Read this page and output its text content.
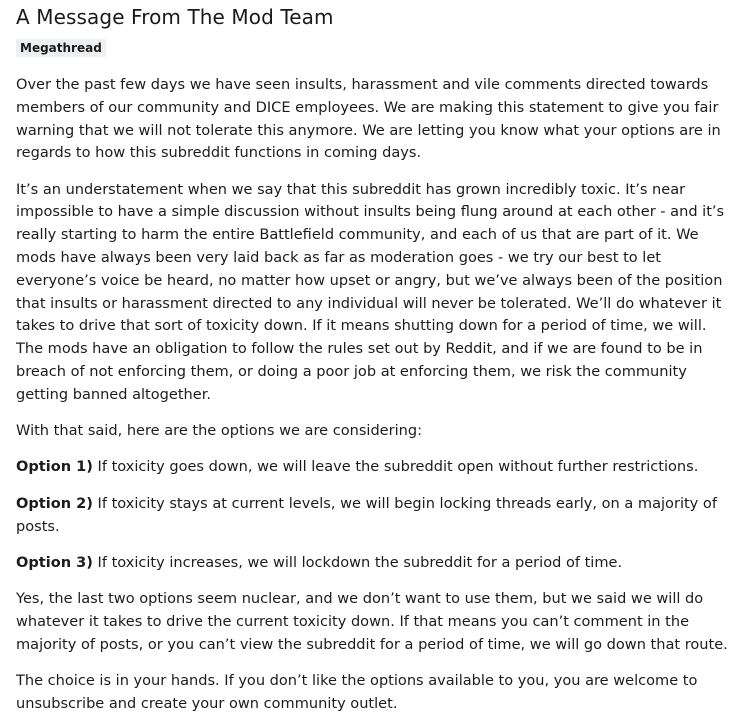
A Message From The Mod Team
Megathread

Over the past few days we have seen insults, harassment and vile comments directed towards members of our community and DICE employees. We are making this statement to give you fair warning that we will not tolerate this anymore. We are letting you know what your options are in regards to how this subreddit functions in coming days.

It’s an understatement when we say that this subreddit has grown incredibly toxic. It’s near impossible to have a simple discussion without insults being flung around at each other - and it’s really starting to harm the entire Battlefield community, and each of us that are part of it. We mods have always been very laid back as far as moderation goes - we try our best to let everyone’s voice be heard, no matter how upset or angry, but we’ve always been of the position that insults or harassment directed to any individual will never be tolerated. We’ll do whatever it takes to drive that sort of toxicity down. If it means shutting down for a period of time, we will. The mods have an obligation to follow the rules set out by Reddit, and if we are found to be in breach of not enforcing them, or doing a poor job at enforcing them, we risk the community getting banned altogether.

With that said, here are the options we are considering:

Option 1) If toxicity goes down, we will leave the subreddit open without further restrictions.

Option 2) If toxicity stays at current levels, we will begin locking threads early, on a majority of posts.

Option 3) If toxicity increases, we will lockdown the subreddit for a period of time.

Yes, the last two options seem nuclear, and we don’t want to use them, but we said we will do whatever it takes to drive the current toxicity down. If that means you can’t comment in the majority of posts, or you can’t view the subreddit for a period of time, we will go down that route.

The choice is in your hands. If you don’t like the options available to you, you are welcome to unsubscribe and create your own community outlet.
